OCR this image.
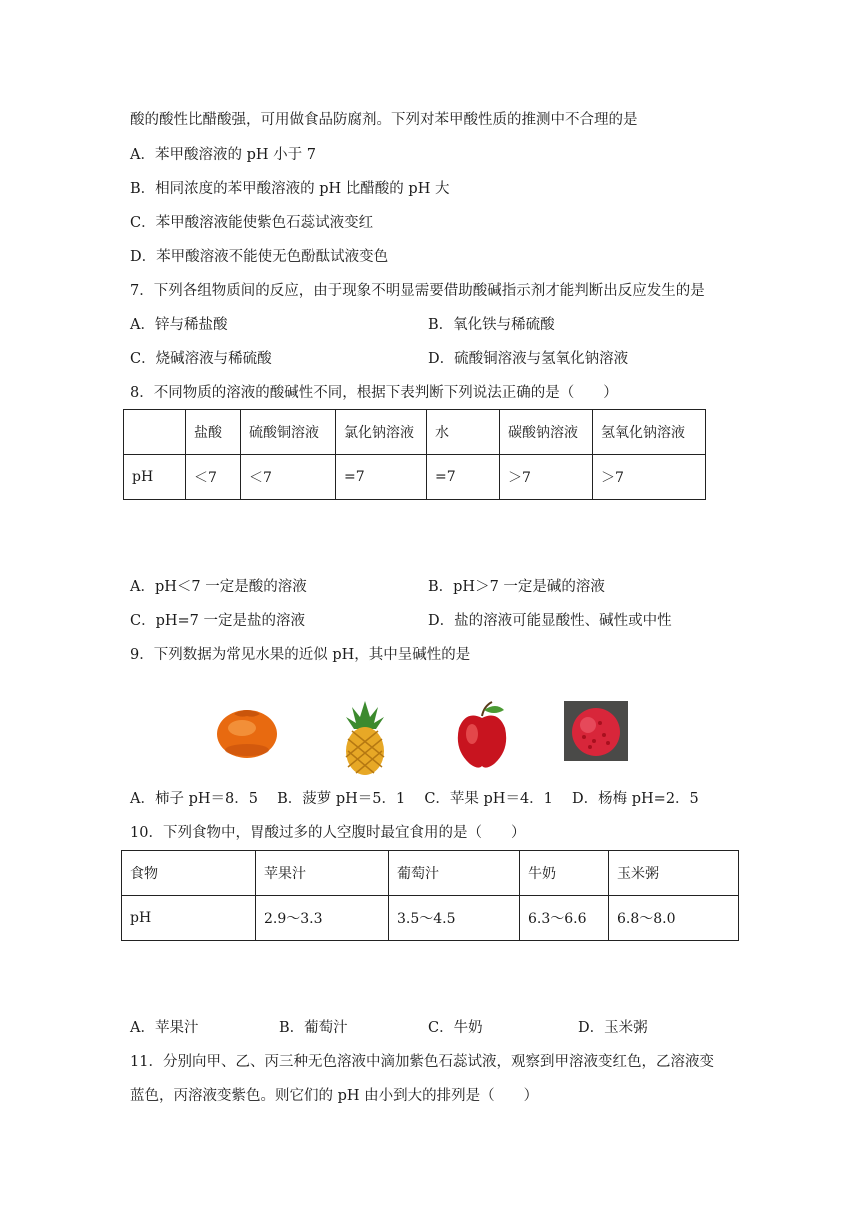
酸的酸性比醋酸强，可用做食品防腐剂。下列对苯甲酸性质的推测中不合理的是
A．苯甲酸溶液的 pH 小于 7
B．相同浓度的苯甲酸溶液的 pH 比醋酸的 pH 大
C．苯甲酸溶液能使紫色石蕊试液变红
D．苯甲酸溶液不能使无色酚酞试液变色
7．下列各组物质间的反应，由于现象不明显需要借助酸碱指示剂才能判断出反应发生的是
A．锌与稀盐酸	B．氧化铁与稀硫酸
C．烧碱溶液与稀硫酸	D．硫酸铜溶液与氢氧化钠溶液
8．不同物质的溶液的酸碱性不同，根据下表判断下列说法正确的是（　　）
	盐酸	硫酸铜溶液	氯化钠溶液	水	碳酸钠溶液	氢氧化钠溶液
pH	＜7	＜7	=7	=7	＞7	＞7
A．pH＜7 一定是酸的溶液	B．pH＞7 一定是碱的溶液
C．pH=7 一定是盐的溶液	D．盐的溶液可能显酸性、碱性或中性
9．下列数据为常见水果的近似 pH，其中呈碱性的是
A．柿子 pH＝8．5　 B．菠萝 pH＝5．1　 C．苹果 pH＝4．1　 D．杨梅 pH=2．5
10．下列食物中，胃酸过多的人空腹时最宜食用的是（　　）
食物	苹果汁	葡萄汁	牛奶	玉米粥
pH	2.9～3.3	3.5～4.5	6.3～6.6	6.8～8.0
A．苹果汁	B．葡萄汁	C．牛奶	D．玉米粥
11．分别向甲、乙、丙三种无色溶液中滴加紫色石蕊试液，观察到甲溶液变红色，乙溶液变
蓝色，丙溶液变紫色。则它们的 pH 由小到大的排列是（　　）
